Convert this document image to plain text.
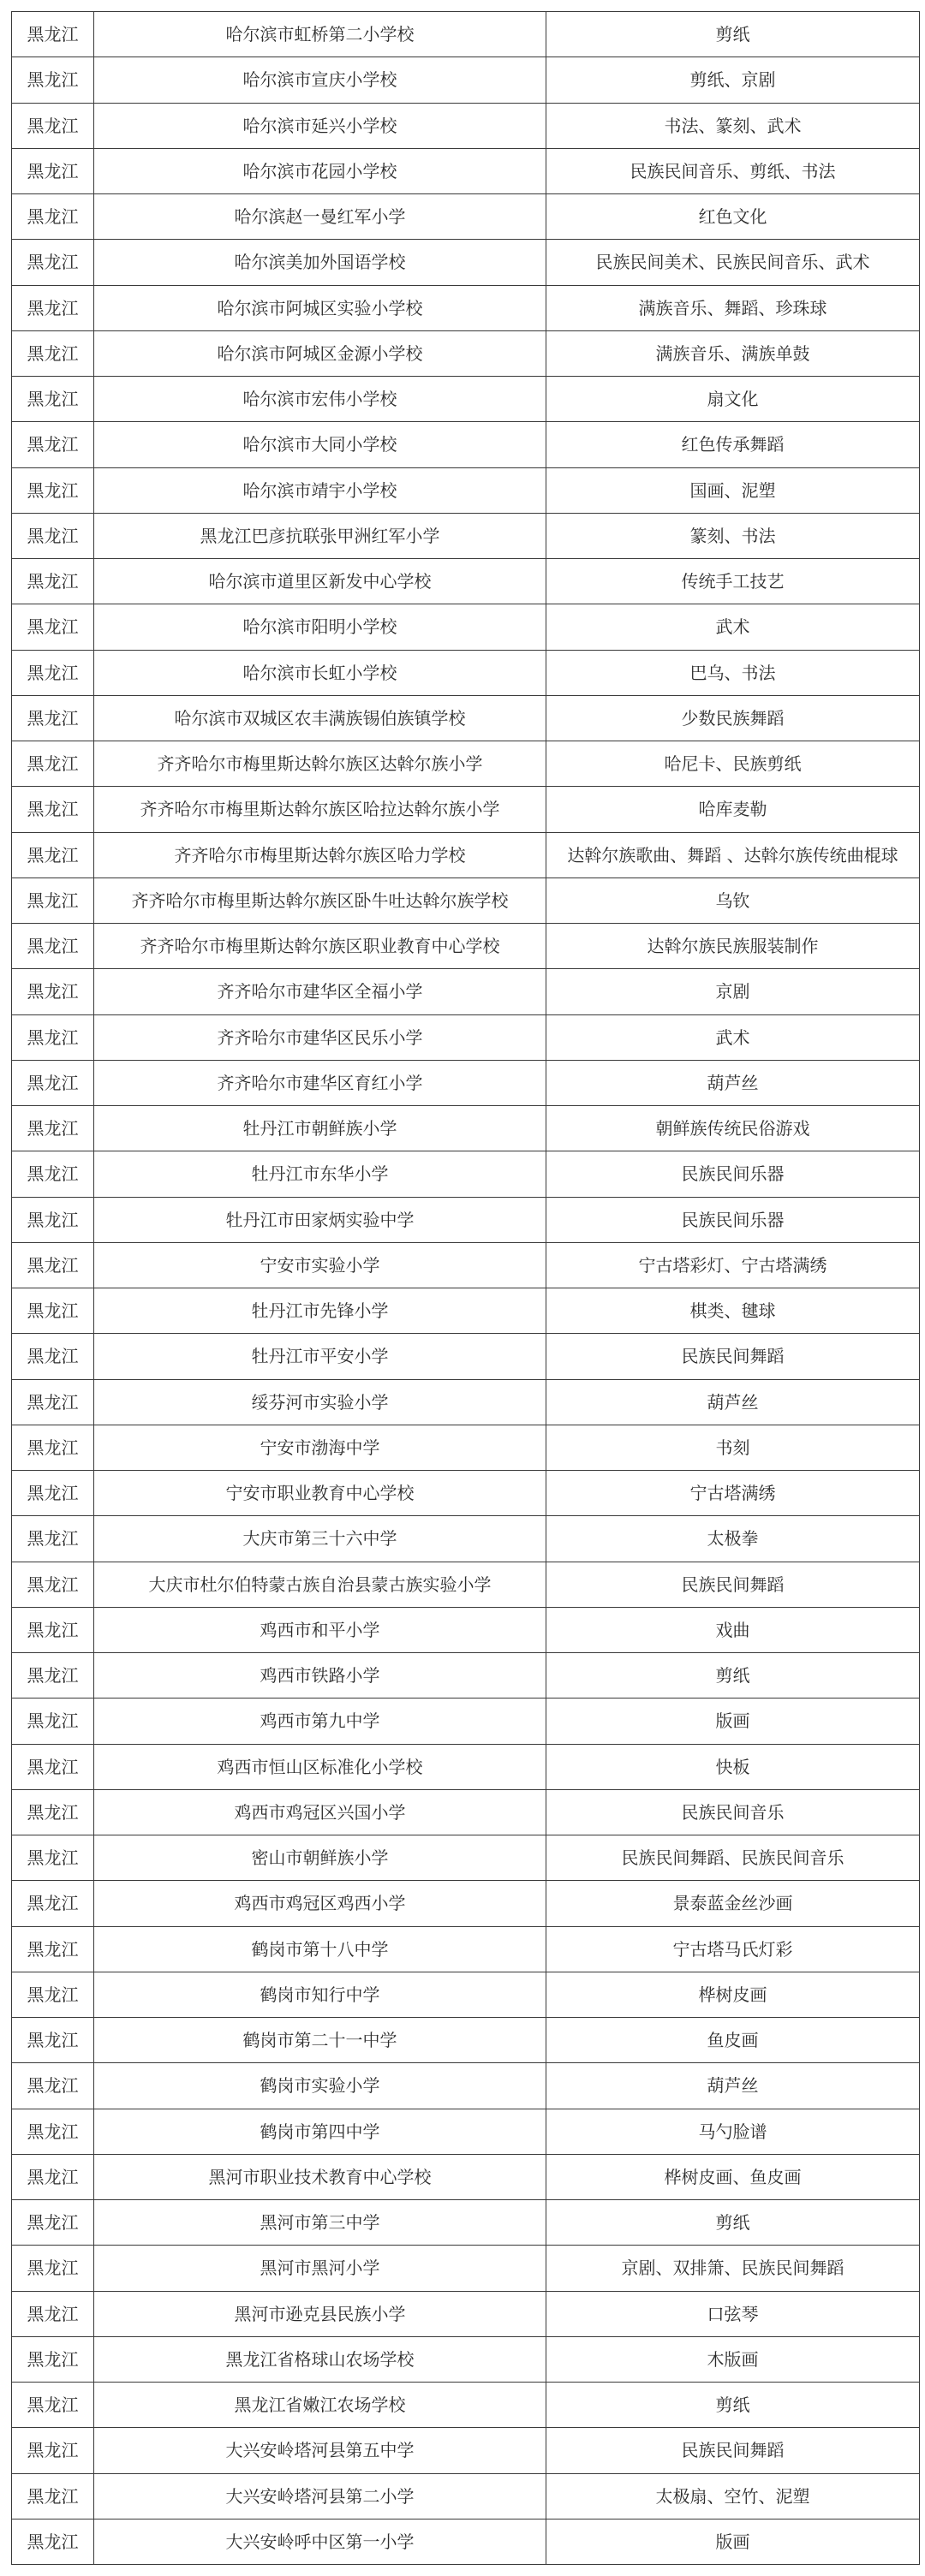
黑龙江	哈尔滨市虹桥第二小学校	剪纸
黑龙江	哈尔滨市宣庆小学校	剪纸、京剧
黑龙江	哈尔滨市延兴小学校	书法、篆刻、武术
黑龙江	哈尔滨市花园小学校	民族民间音乐、剪纸、书法
黑龙江	哈尔滨赵一曼红军小学	红色文化
黑龙江	哈尔滨美加外国语学校	民族民间美术、民族民间音乐、武术
黑龙江	哈尔滨市阿城区实验小学校	满族音乐、舞蹈、珍珠球
黑龙江	哈尔滨市阿城区金源小学校	满族音乐、满族单鼓
黑龙江	哈尔滨市宏伟小学校	扇文化
黑龙江	哈尔滨市大同小学校	红色传承舞蹈
黑龙江	哈尔滨市靖宇小学校	国画、泥塑
黑龙江	黑龙江巴彦抗联张甲洲红军小学	篆刻、书法
黑龙江	哈尔滨市道里区新发中心学校	传统手工技艺
黑龙江	哈尔滨市阳明小学校	武术
黑龙江	哈尔滨市长虹小学校	巴乌、书法
黑龙江	哈尔滨市双城区农丰满族锡伯族镇学校	少数民族舞蹈
黑龙江	齐齐哈尔市梅里斯达斡尔族区达斡尔族小学	哈尼卡、民族剪纸
黑龙江	齐齐哈尔市梅里斯达斡尔族区哈拉达斡尔族小学	哈库麦勒
黑龙江	齐齐哈尔市梅里斯达斡尔族区哈力学校	达斡尔族歌曲、舞蹈 、达斡尔族传统曲棍球
黑龙江	齐齐哈尔市梅里斯达斡尔族区卧牛吐达斡尔族学校	乌钦
黑龙江	齐齐哈尔市梅里斯达斡尔族区职业教育中心学校	达斡尔族民族服装制作
黑龙江	齐齐哈尔市建华区全福小学	京剧
黑龙江	齐齐哈尔市建华区民乐小学	武术
黑龙江	齐齐哈尔市建华区育红小学	葫芦丝
黑龙江	牡丹江市朝鲜族小学	朝鲜族传统民俗游戏
黑龙江	牡丹江市东华小学	民族民间乐器
黑龙江	牡丹江市田家炳实验中学	民族民间乐器
黑龙江	宁安市实验小学	宁古塔彩灯、宁古塔满绣
黑龙江	牡丹江市先锋小学	棋类、毽球
黑龙江	牡丹江市平安小学	民族民间舞蹈
黑龙江	绥芬河市实验小学	葫芦丝
黑龙江	宁安市渤海中学	书刻
黑龙江	宁安市职业教育中心学校	宁古塔满绣
黑龙江	大庆市第三十六中学	太极拳
黑龙江	大庆市杜尔伯特蒙古族自治县蒙古族实验小学	民族民间舞蹈
黑龙江	鸡西市和平小学	戏曲
黑龙江	鸡西市铁路小学	剪纸
黑龙江	鸡西市第九中学	版画
黑龙江	鸡西市恒山区标准化小学校	快板
黑龙江	鸡西市鸡冠区兴国小学	民族民间音乐
黑龙江	密山市朝鲜族小学	民族民间舞蹈、民族民间音乐
黑龙江	鸡西市鸡冠区鸡西小学	景泰蓝金丝沙画
黑龙江	鹤岗市第十八中学	宁古塔马氏灯彩
黑龙江	鹤岗市知行中学	桦树皮画
黑龙江	鹤岗市第二十一中学	鱼皮画
黑龙江	鹤岗市实验小学	葫芦丝
黑龙江	鹤岗市第四中学	马勺脸谱
黑龙江	黑河市职业技术教育中心学校	桦树皮画、鱼皮画
黑龙江	黑河市第三中学	剪纸
黑龙江	黑河市黑河小学	京剧、双排箫、民族民间舞蹈
黑龙江	黑河市逊克县民族小学	口弦琴
黑龙江	黑龙江省格球山农场学校	木版画
黑龙江	黑龙江省嫩江农场学校	剪纸
黑龙江	大兴安岭塔河县第五中学	民族民间舞蹈
黑龙江	大兴安岭塔河县第二小学	太极扇、空竹、泥塑
黑龙江	大兴安岭呼中区第一小学	版画
